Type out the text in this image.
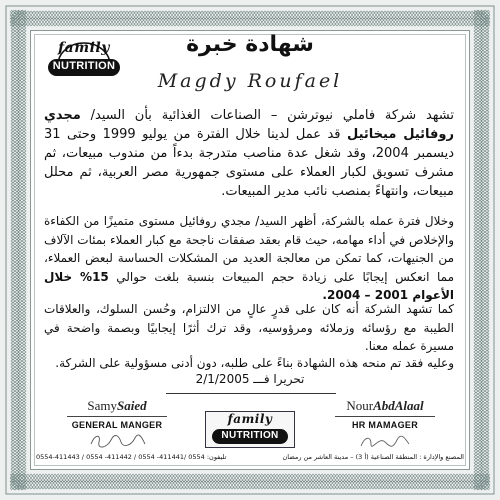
family
NUTRITION
شهادة خبرة
Magdy Roufael
تشهد شركة فاملي نيوترشن – الصناعات الغذائية بأن السيد/ مجدي روفائيل ميخائيل قد عمل لدينا خلال الفترة من يوليو 1999 وحتى 31 ديسمبر 2004، وقد شغل عدة مناصب متدرجة بدءاً من مندوب مبيعات، ثم مشرف تسويق لكبار العملاء على مستوى جمهورية مصر العربية، ثم محلل مبيعات، وانتهاءً بمنصب نائب مدير المبيعات.
وخلال فترة عمله بالشركة، أظهر السيد/ مجدي روفائيل مستوى متميزًا من الكفاءة والإخلاص في أداء مهامه، حيث قام بعقد صفقات ناجحة مع كبار العملاء بمئات الآلاف من الجنيهات، كما تمكن من معالجة العديد من المشكلات الحساسة لبعض العملاء، مما انعكس إيجابًا على زيادة حجم المبيعات بنسبة بلغت حوالي 15% خلال الأعوام 2001 – 2004.
كما تشهد الشركة أنه كان على قدرٍ عالٍ من الالتزام، وحُسن السلوك، والعلاقات الطيبة مع رؤسائه وزملائه ومرؤوسيه، وقد ترك أثرًا إيجابيًا وبصمة واضحة في مسيرة عمله معنا.
وعليه فقد تم منحه هذه الشهادة بناءً على طلبه، دون أدنى مسؤولية على الشركة.
تحريرا فـــ 2/1/2005
SamySaied
GENERAL MANGER	family
NUTRITION
NourAbdAlaal
HR MAMAGER
المصنع والإدارة : المنطقة الصناعية (أ 3) – مدينة العاشر من رمضان
تليفون: 0554 /411441- 0554 / 411442- 0554 / 411443-0554
